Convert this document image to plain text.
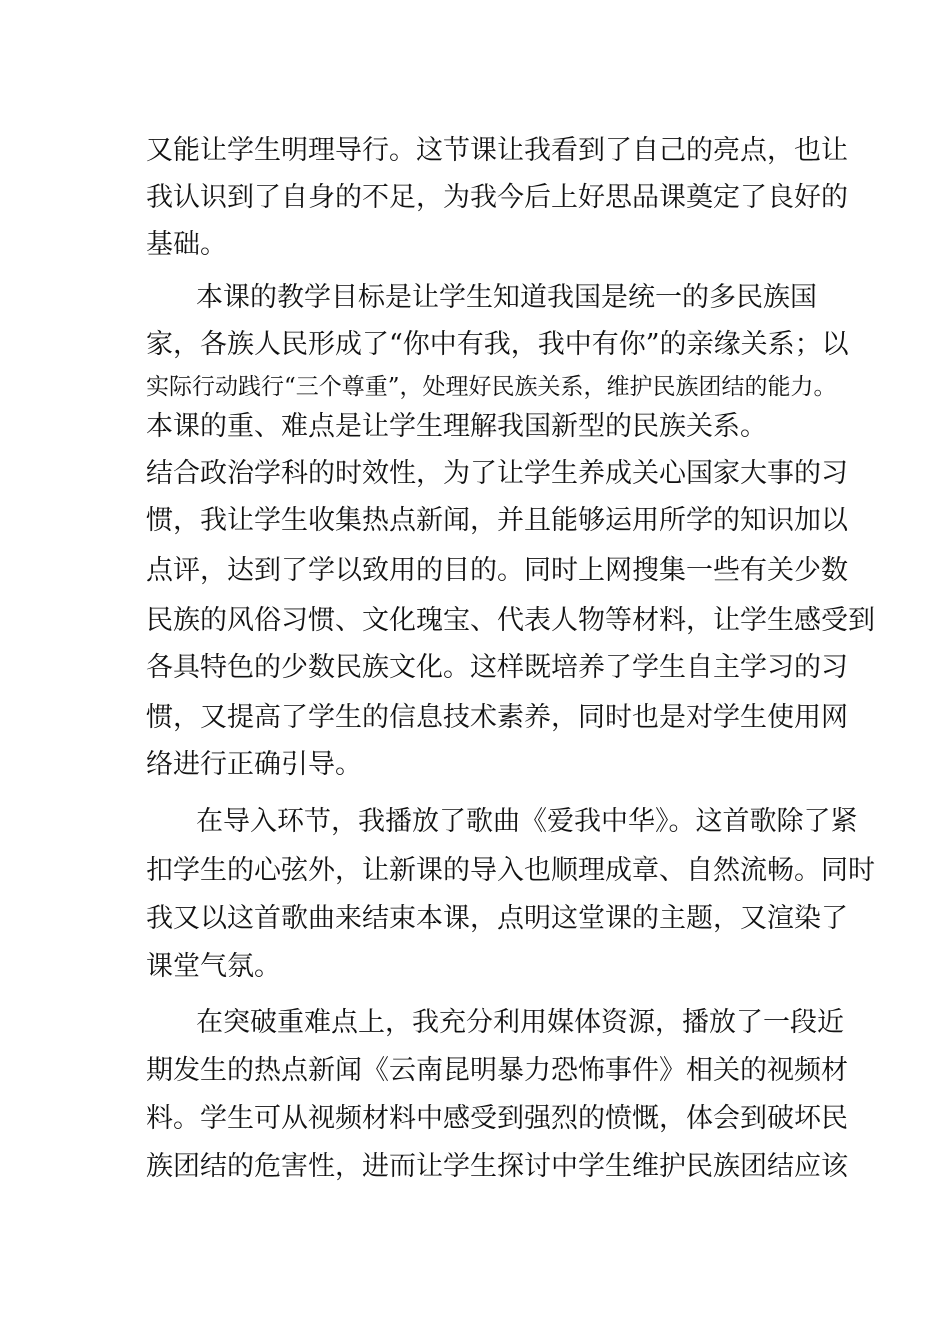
又能让学生明理导行。这节课让我看到了自己的亮点，也让
我认识到了自身的不足，为我今后上好思品课奠定了良好的
基础。
本课的教学目标是让学生知道我国是统一的多民族国
家，各族人民形成了“你中有我，我中有你”的亲缘关系；以
实际行动践行“三个尊重”，处理好民族关系，维护民族团结的能力。
本课的重、难点是让学生理解我国新型的民族关系。
结合政治学科的时效性，为了让学生养成关心国家大事的习
惯，我让学生收集热点新闻，并且能够运用所学的知识加以
点评，达到了学以致用的目的。同时上网搜集一些有关少数
民族的风俗习惯、文化瑰宝、代表人物等材料，让学生感受到
各具特色的少数民族文化。这样既培养了学生自主学习的习
惯，又提高了学生的信息技术素养，同时也是对学生使用网
络进行正确引导。
在导入环节，我播放了歌曲《爱我中华》。这首歌除了紧
扣学生的心弦外，让新课的导入也顺理成章、自然流畅。同时
我又以这首歌曲来结束本课，点明这堂课的主题，又渲染了
课堂气氛。
在突破重难点上，我充分利用媒体资源，播放了一段近
期发生的热点新闻《云南昆明暴力恐怖事件》相关的视频材
料。学生可从视频材料中感受到强烈的愤慨，体会到破坏民
族团结的危害性，进而让学生探讨中学生维护民族团结应该
